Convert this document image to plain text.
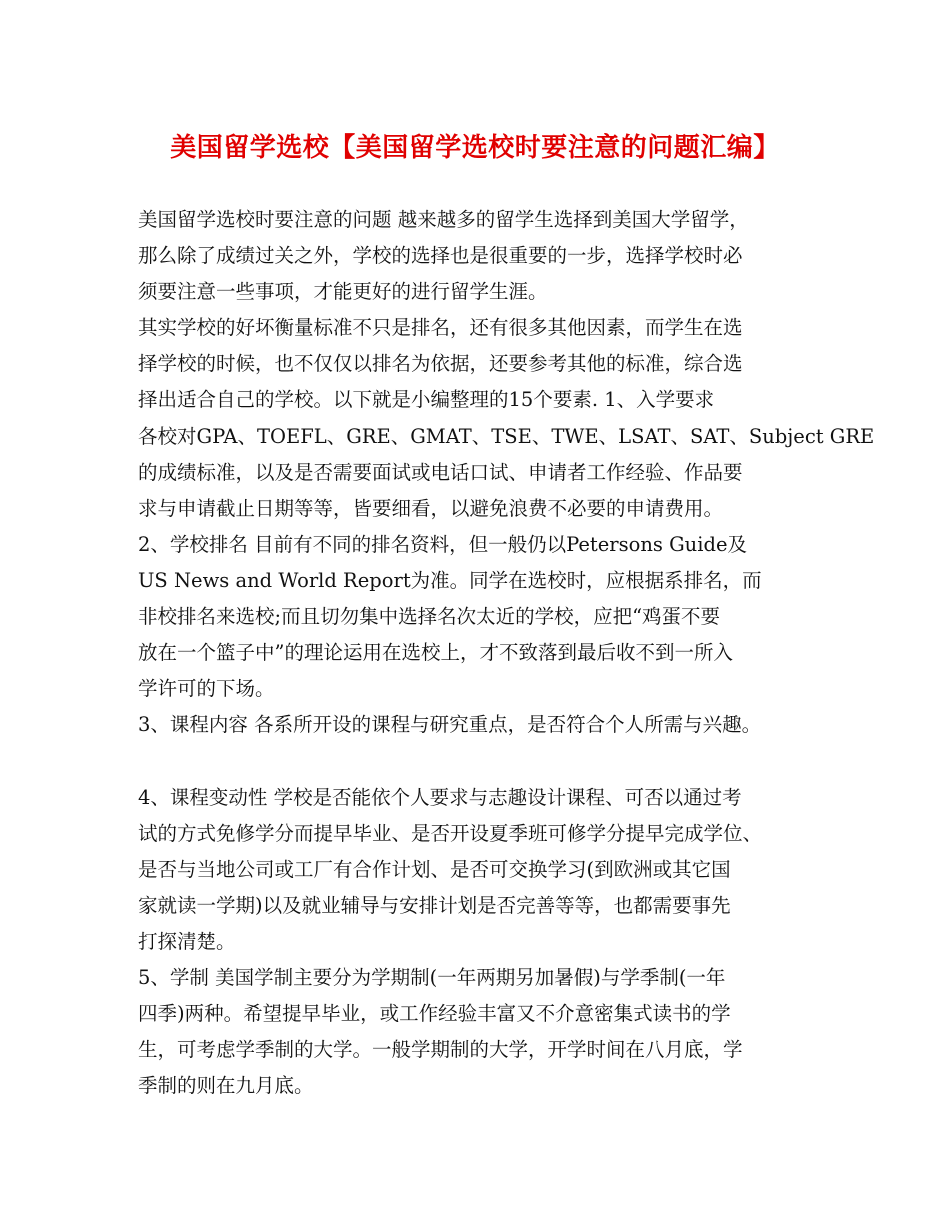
美国留学选校【美国留学选校时要注意的问题汇编】
美国留学选校时要注意的问题 越来越多的留学生选择到美国大学留学，
那么除了成绩过关之外，学校的选择也是很重要的一步，选择学校时必
须要注意一些事项，才能更好的进行留学生涯。
其实学校的好坏衡量标准不只是排名，还有很多其他因素，而学生在选
择学校的时候，也不仅仅以排名为依据，还要参考其他的标准，综合选
择出适合自己的学校。以下就是小编整理的15个要素. 1、入学要求
各校对GPA、TOEFL、GRE、GMAT、TSE、TWE、LSAT、SAT、Subject GRE
的成绩标准，以及是否需要面试或电话口试、申请者工作经验、作品要
求与申请截止日期等等，皆要细看，以避免浪费不必要的申请费用。
2、学校排名 目前有不同的排名资料，但一般仍以Petersons Guide及
US News and World Report为准。同学在选校时，应根据系排名，而
非校排名来选校;而且切勿集中选择名次太近的学校，应把“鸡蛋不要
放在一个篮子中”的理论运用在选校上，才不致落到最后收不到一所入
学许可的下场。
3、课程内容 各系所开设的课程与研究重点，是否符合个人所需与兴趣。
4、课程变动性 学校是否能依个人要求与志趣设计课程、可否以通过考
试的方式免修学分而提早毕业、是否开设夏季班可修学分提早完成学位、
是否与当地公司或工厂有合作计划、是否可交换学习(到欧洲或其它国
家就读一学期)以及就业辅导与安排计划是否完善等等，也都需要事先
打探清楚。
5、学制 美国学制主要分为学期制(一年两期另加暑假)与学季制(一年
四季)两种。希望提早毕业，或工作经验丰富又不介意密集式读书的学
生，可考虑学季制的大学。一般学期制的大学，开学时间在八月底，学
季制的则在九月底。
